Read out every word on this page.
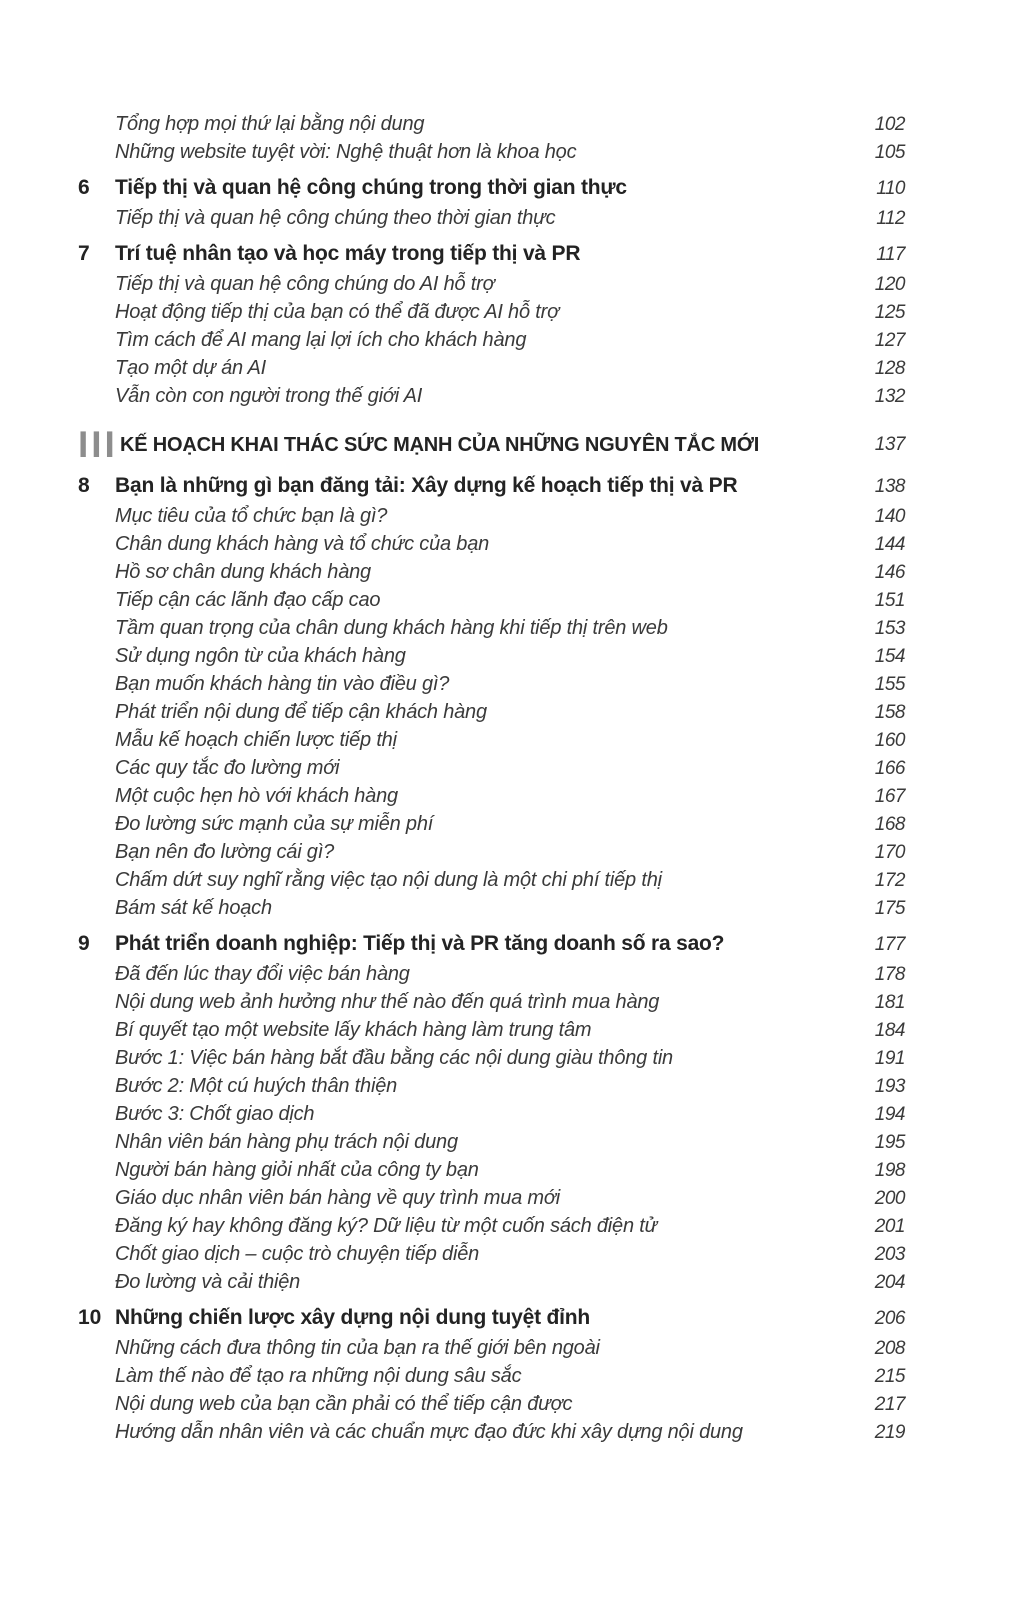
Tổng hợp mọi thứ lại bằng nội dung	102
Những website tuyệt vời: Nghệ thuật hơn là khoa học	105
6	Tiếp thị và quan hệ công chúng trong thời gian thực	110
Tiếp thị và quan hệ công chúng theo thời gian thực	112
7	Trí tuệ nhân tạo và học máy trong tiếp thị và PR	117
Tiếp thị và quan hệ công chúng do AI hỗ trợ	120
Hoạt động tiếp thị của bạn có thể đã được AI hỗ trợ	125
Tìm cách để AI mang lại lợi ích cho khách hàng	127
Tạo một dự án AI	128
Vẫn còn con người trong thế giới AI	132
III KẾ HOẠCH KHAI THÁC SỨC MẠNH CỦA NHỮNG NGUYÊN TẮC MỚI	137
8	Bạn là những gì bạn đăng tải: Xây dựng kế hoạch tiếp thị và PR	138
Mục tiêu của tổ chức bạn là gì?	140
Chân dung khách hàng và tổ chức của bạn	144
Hồ sơ chân dung khách hàng	146
Tiếp cận các lãnh đạo cấp cao	151
Tầm quan trọng của chân dung khách hàng khi tiếp thị trên web	153
Sử dụng ngôn từ của khách hàng	154
Bạn muốn khách hàng tin vào điều gì?	155
Phát triển nội dung để tiếp cận khách hàng	158
Mẫu kế hoạch chiến lược tiếp thị	160
Các quy tắc đo lường mới	166
Một cuộc hẹn hò với khách hàng	167
Đo lường sức mạnh của sự miễn phí	168
Bạn nên đo lường cái gì?	170
Chấm dứt suy nghĩ rằng việc tạo nội dung là một chi phí tiếp thị	172
Bám sát kế hoạch	175
9	Phát triển doanh nghiệp: Tiếp thị và PR tăng doanh số ra sao?	177
Đã đến lúc thay đổi việc bán hàng	178
Nội dung web ảnh hưởng như thế nào đến quá trình mua hàng	181
Bí quyết tạo một website lấy khách hàng làm trung tâm	184
Bước 1: Việc bán hàng bắt đầu bằng các nội dung giàu thông tin	191
Bước 2: Một cú huých thân thiện	193
Bước 3: Chốt giao dịch	194
Nhân viên bán hàng phụ trách nội dung	195
Người bán hàng giỏi nhất của công ty bạn	198
Giáo dục nhân viên bán hàng về quy trình mua mới	200
Đăng ký hay không đăng ký? Dữ liệu từ một cuốn sách điện tử	201
Chốt giao dịch – cuộc trò chuyện tiếp diễn	203
Đo lường và cải thiện	204
10 Những chiến lược xây dựng nội dung tuyệt đỉnh	206
Những cách đưa thông tin của bạn ra thế giới bên ngoài	208
Làm thế nào để tạo ra những nội dung sâu sắc	215
Nội dung web của bạn cần phải có thể tiếp cận được	217
Hướng dẫn nhân viên và các chuẩn mực đạo đức khi xây dựng nội dung	219
